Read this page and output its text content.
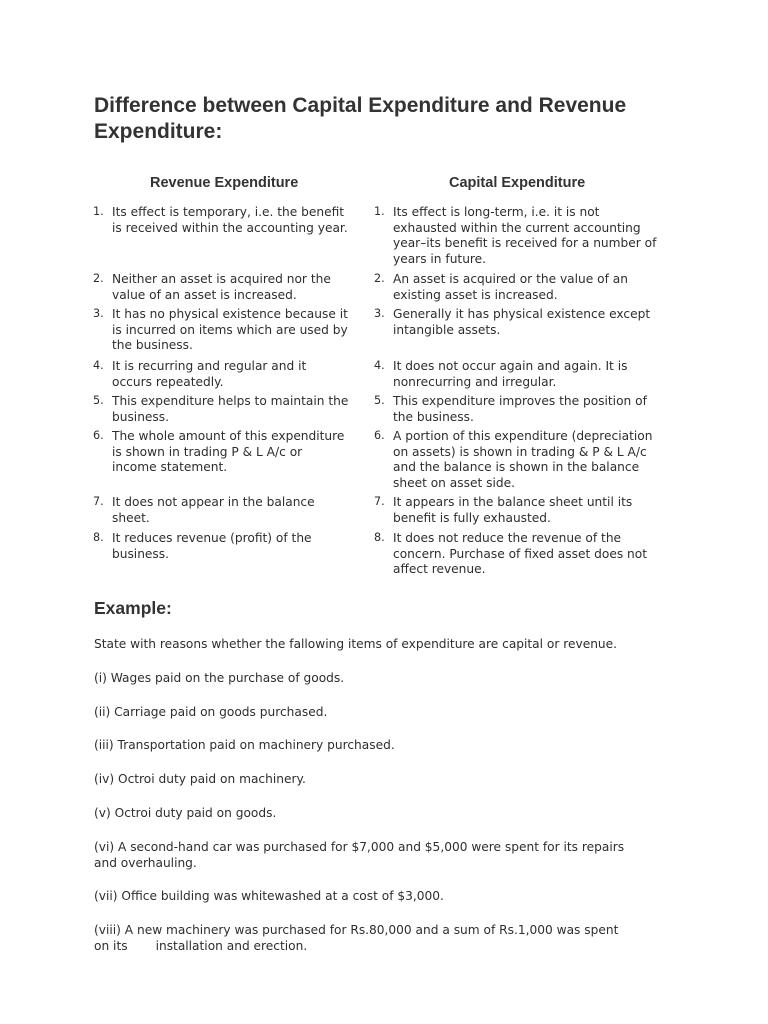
Difference between Capital Expenditure and Revenue Expenditure:
Revenue Expenditure	Capital Expenditure
1. Its effect is temporary, i.e. the benefit
is received within the accounting year.
2. Neither an asset is acquired nor the
value of an asset is increased.
3. It has no physical existence because it
is incurred on items which are used by
the business.
4. It is recurring and regular and it
occurs repeatedly.
5. This expenditure helps to maintain the
business.
6. The whole amount of this expenditure
is shown in trading P & L A/c or
income statement.
7. It does not appear in the balance
sheet.
8. It reduces revenue (profit) of the
business.
1. Its effect is long-term, i.e. it is not
exhausted within the current accounting
year–its benefit is received for a number of
years in future.
2. An asset is acquired or the value of an
existing asset is increased.
3. Generally it has physical existence except
intangible assets.
4. It does not occur again and again. It is
nonrecurring and irregular.
5. This expenditure improves the position of
the business.
6. A portion of this expenditure (depreciation
on assets) is shown in trading & P & L A/c
and the balance is shown in the balance
sheet on asset side.
7. It appears in the balance sheet until its
benefit is fully exhausted.
8. It does not reduce the revenue of the
concern. Purchase of fixed asset does not
affect revenue.
Example:

State with reasons whether the fallowing items of expenditure are capital or revenue.

(i) Wages paid on the purchase of goods.

(ii) Carriage paid on goods purchased.

(iii) Transportation paid on machinery purchased.

(iv) Octroi duty paid on machinery.

(v) Octroi duty paid on goods.

(vi) A second-hand car was purchased for $7,000 and $5,000 were spent for its repairs
and overhauling.

(vii) Office building was whitewashed at a cost of $3,000.

(viii) A new machinery was purchased for Rs.80,000 and a sum of Rs.1,000 was spent
on its installation and erection.
